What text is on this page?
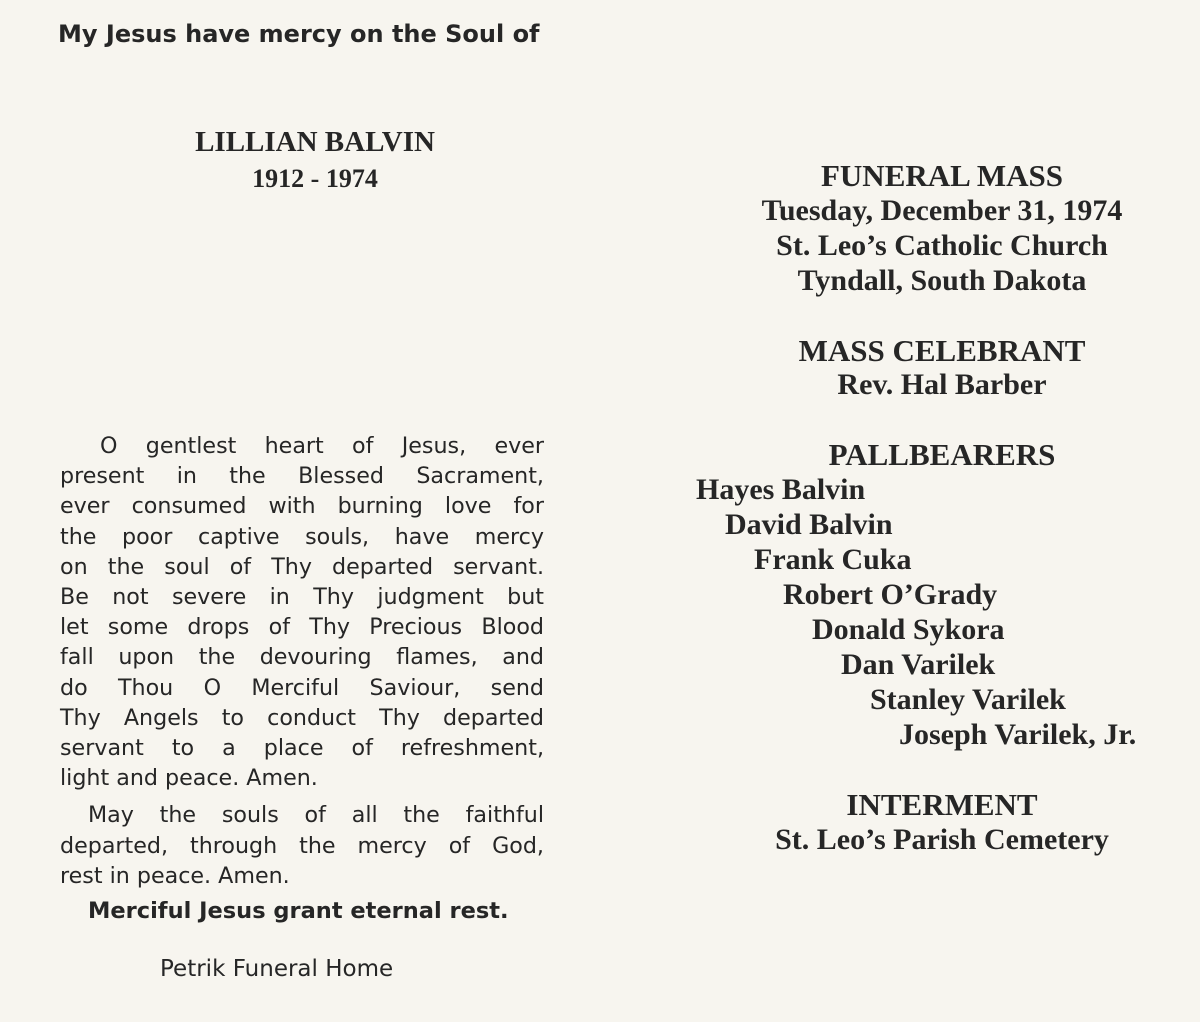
My Jesus have mercy on the Soul of
LILLIAN BALVIN
1912 - 1974

O gentlest heart of Jesus, ever
present in the Blessed Sacrament,
ever consumed with burning love for
the poor captive souls, have mercy
on the soul of Thy departed servant.
Be not severe in Thy judgment but
let some drops of Thy Precious Blood
fall upon the devouring flames, and
do Thou O Merciful Saviour, send
Thy Angels to conduct Thy departed
servant to a place of refreshment,
light and peace. Amen.

May the souls of all the faithful
departed, through the mercy of God,
rest in peace. Amen.

Merciful Jesus grant eternal rest.
Petrik Funeral Home
FUNERAL MASS
Tuesday, December 31, 1974
St. Leo’s Catholic Church
Tyndall, South Dakota
MASS CELEBRANT
Rev. Hal Barber
PALLBEARERS
Hayes Balvin
David Balvin
Frank Cuka
Robert O’Grady
Donald Sykora
Dan Varilek
Stanley Varilek
Joseph Varilek, Jr.
INTERMENT
St. Leo’s Parish Cemetery
